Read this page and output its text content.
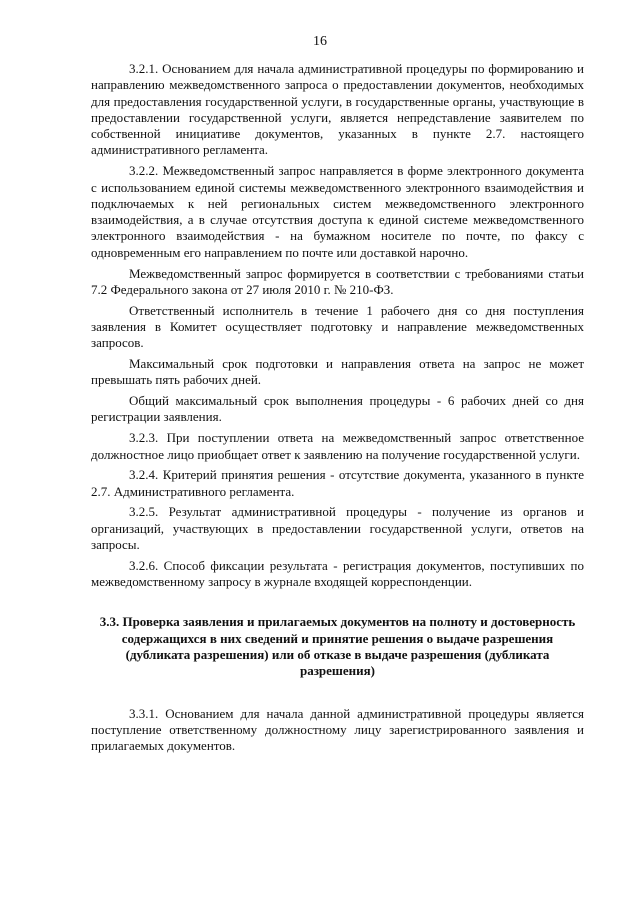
16

3.2.1. Основанием для начала административной процедуры по формированию и направлению межведомственного запроса о предоставлении документов, необходимых для предоставления государственной услуги, в государственные органы, участвующие в предоставлении государственной услуги, является непредставление заявителем по собственной инициативе документов, указанных в пункте 2.7. настоящего административного регламента.

3.2.2. Межведомственный запрос направляется в форме электронного документа с использованием единой системы межведомственного электронного взаимодействия и подключаемых к ней региональных систем межведомственного электронного взаимодействия, а в случае отсутствия доступа к единой системе межведомственного электронного взаимодействия - на бумажном носителе по почте, по факсу с одновременным его направлением по почте или доставкой нарочно.

Межведомственный запрос формируется в соответствии с требованиями статьи 7.2 Федерального закона от 27 июля 2010 г. № 210-ФЗ.

Ответственный исполнитель в течение 1 рабочего дня со дня поступления заявления в Комитет осуществляет подготовку и направление межведомственных запросов.

Максимальный срок подготовки и направления ответа на запрос не может превышать пять рабочих дней.

Общий максимальный срок выполнения процедуры - 6 рабочих дней со дня регистрации заявления.

3.2.3. При поступлении ответа на межведомственный запрос ответственное должностное лицо приобщает ответ к заявлению на получение государственной услуги.

3.2.4. Критерий принятия решения - отсутствие документа, указанного в пункте 2.7. Административного регламента.

3.2.5. Результат административной процедуры - получение из органов и организаций, участвующих в предоставлении государственной услуги, ответов на запросы.

3.2.6. Способ фиксации результата - регистрация документов, поступивших по межведомственному запросу в журнале входящей корреспонденции.

3.3. Проверка заявления и прилагаемых документов на полноту и достоверность содержащихся в них сведений и принятие решения о выдаче разрешения (дубликата разрешения) или об отказе в выдаче разрешения (дубликата разрешения)

3.3.1. Основанием для начала данной административной процедуры является поступление ответственному должностному лицу зарегистрированного заявления и прилагаемых документов.
